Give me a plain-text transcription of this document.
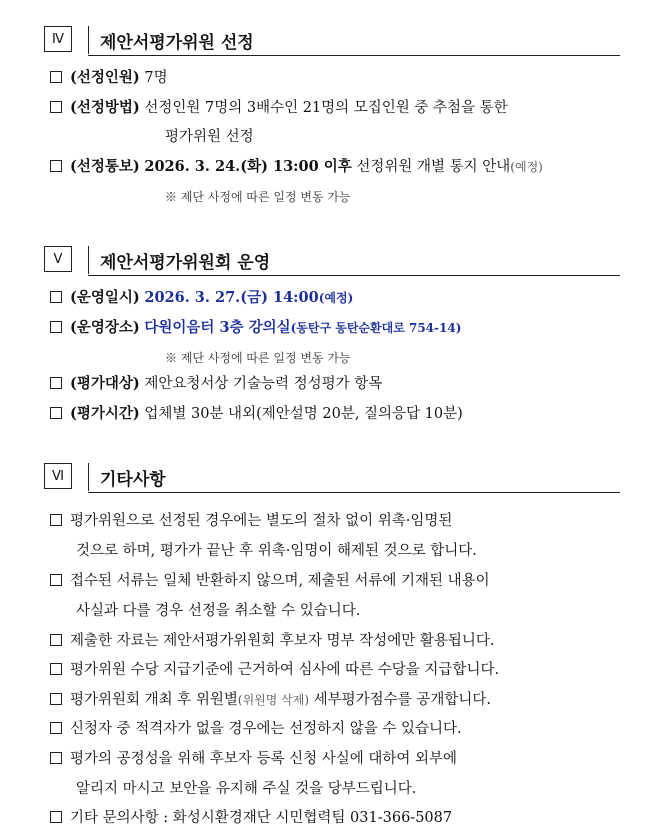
Ⅳ	제안서평가위원 선정
(선정인원) 7명
(선정방법) 선정인원 7명의 3배수인 21명의 모집인원 중 추첨을 통한
평가위원 선정
(선정통보) 2026. 3. 24.(화) 13:00 이후 선정위원 개별 통지 안내(예정)
※ 제단 사정에 따른 일정 변동 가능
Ⅴ	제안서평가위원회 운영
(운영일시) 2026. 3. 27.(금) 14:00(예정)
(운영장소) 다원이음터 3층 강의실(동탄구 동탄순환대로 754-14)
※ 제단 사정에 따른 일정 변동 가능
(평가대상) 제안요청서상 기술능력 정성평가 항목
(평가시간) 업체별 30분 내외(제안설명 20분, 질의응답 10분)
Ⅵ	기타사항
평가위원으로 선정된 경우에는 별도의 절차 없이 위촉·임명된
것으로 하며, 평가가 끝난 후 위촉·임명이 해제된 것으로 합니다.
접수된 서류는 일체 반환하지 않으며, 제출된 서류에 기재된 내용이
사실과 다를 경우 선정을 취소할 수 있습니다.
제출한 자료는 제안서평가위원회 후보자 명부 작성에만 활용됩니다.
평가위원 수당 지급기준에 근거하여 심사에 따른 수당을 지급합니다.
평가위원회 개최 후 위원별(위원명 삭제) 세부평가점수를 공개합니다.
신청자 중 적격자가 없을 경우에는 선정하지 않을 수 있습니다.
평가의 공정성을 위해 후보자 등록 신청 사실에 대하여 외부에
알리지 마시고 보안을 유지해 주실 것을 당부드립니다.
기타 문의사항 : 화성시환경재단 시민협력팀 031-366-5087
